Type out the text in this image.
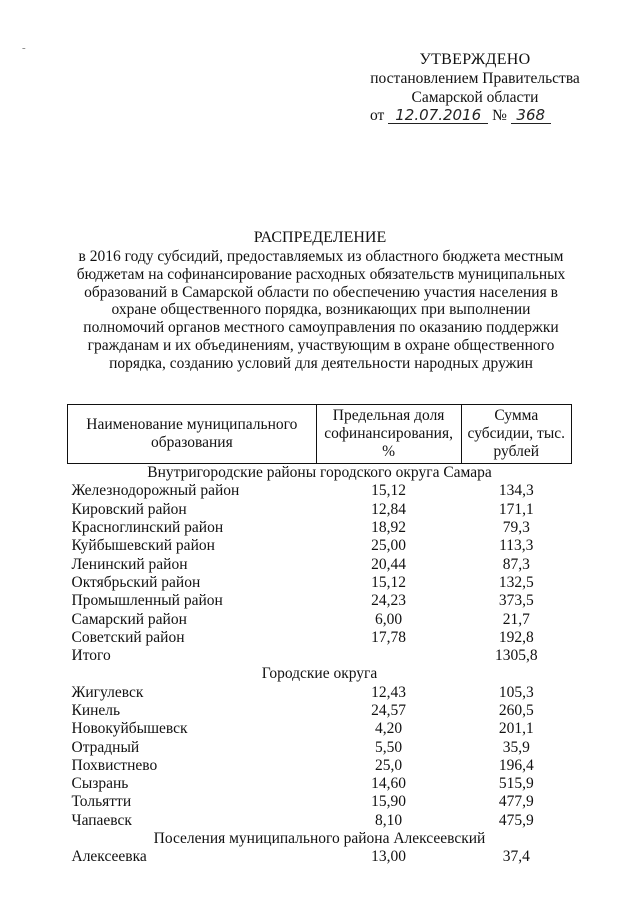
-
УТВЕРЖДЕНО
постановлением Правительства
Самарской области
от 12.07.2016 № 368
РАСПРЕДЕЛЕНИЕ
в 2016 году субсидий, предоставляемых из областного бюджета местным бюджетам на софинансирование расходных обязательств муниципальных образований в Самарской области по обеспечению участия населения в охране общественного порядка, возникающих при выполнении полномочий органов местного самоуправления по оказанию поддержки гражданам и их объединениям, участвующим в охране общественного порядка, созданию условий для деятельности народных дружин
Наименование муниципального образования	Предельная доля софинансирования, %	Сумма субсидии, тыс. рублей
Внутригородские районы городского округа Самара		
Железнодорожный район	15,12	134,3
Кировский район	12,84	171,1
Красноглинский район	18,92	79,3
Куйбышевский район	25,00	113,3
Ленинский район	20,44	87,3
Октябрьский район	15,12	132,5
Промышленный район	24,23	373,5
Самарский район	6,00	21,7
Советский район	17,78	192,8
Итого		1305,8
Городские округа		
Жигулевск	12,43	105,3
Кинель	24,57	260,5
Новокуйбышевск	4,20	201,1
Отрадный	5,50	35,9
Похвистнево	25,0	196,4
Сызрань	14,60	515,9
Тольятти	15,90	477,9
Чапаевск	8,10	475,9
Поселения муниципального района Алексеевский		
Алексеевка	13,00	37,4
